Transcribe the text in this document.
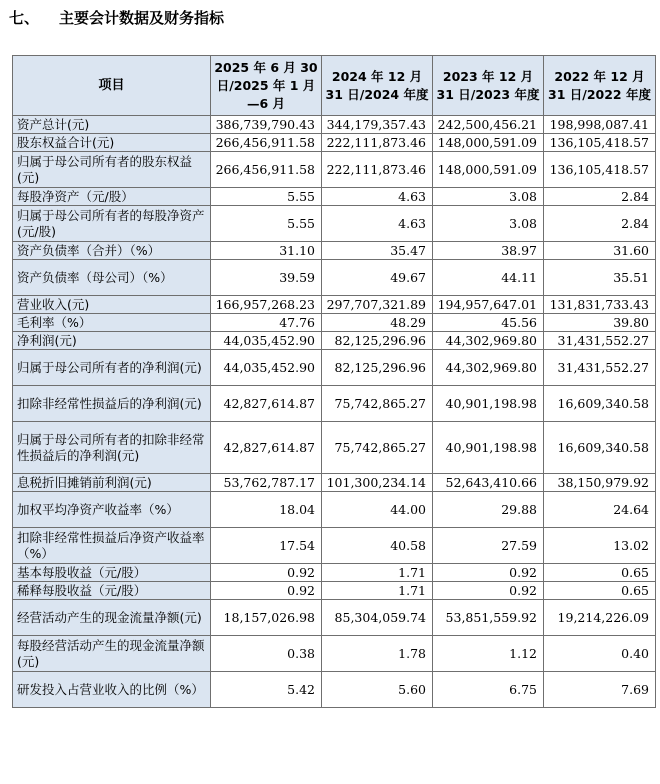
七、 主要会计数据及财务指标
项目	2025 年 6 月 30 日/2025 年 1 月—6 月	2024 年 12 月 31 日/2024 年度	2023 年 12 月 31 日/2023 年度	2022 年 12 月 31 日/2022 年度
资产总计(元)	386,739,790.43	344,179,357.43	242,500,456.21	198,998,087.41
股东权益合计(元)	266,456,911.58	222,111,873.46	148,000,591.09	136,105,418.57
归属于母公司所有者的股东权益(元)	266,456,911.58	222,111,873.46	148,000,591.09	136,105,418.57
每股净资产（元/股）	5.55	4.63	3.08	2.84
归属于母公司所有者的每股净资产(元/股)	5.55	4.63	3.08	2.84
资产负债率（合并）（%）	31.10	35.47	38.97	31.60
资产负债率（母公司）（%）	39.59	49.67	44.11	35.51
营业收入(元)	166,957,268.23	297,707,321.89	194,957,647.01	131,831,733.43
毛利率（%）	47.76	48.29	45.56	39.80
净利润(元)	44,035,452.90	82,125,296.96	44,302,969.80	31,431,552.27
归属于母公司所有者的净利润(元)	44,035,452.90	82,125,296.96	44,302,969.80	31,431,552.27
扣除非经常性损益后的净利润(元)	42,827,614.87	75,742,865.27	40,901,198.98	16,609,340.58
归属于母公司所有者的扣除非经常性损益后的净利润(元)	42,827,614.87	75,742,865.27	40,901,198.98	16,609,340.58
息税折旧摊销前利润(元)	53,762,787.17	101,300,234.14	52,643,410.66	38,150,979.92
加权平均净资产收益率（%）	18.04	44.00	29.88	24.64
扣除非经常性损益后净资产收益率（%）	17.54	40.58	27.59	13.02
基本每股收益（元/股）	0.92	1.71	0.92	0.65
稀释每股收益（元/股）	0.92	1.71	0.92	0.65
经营活动产生的现金流量净额(元)	18,157,026.98	85,304,059.74	53,851,559.92	19,214,226.09
每股经营活动产生的现金流量净额(元)	0.38	1.78	1.12	0.40
研发投入占营业收入的比例（%）	5.42	5.60	6.75	7.69
